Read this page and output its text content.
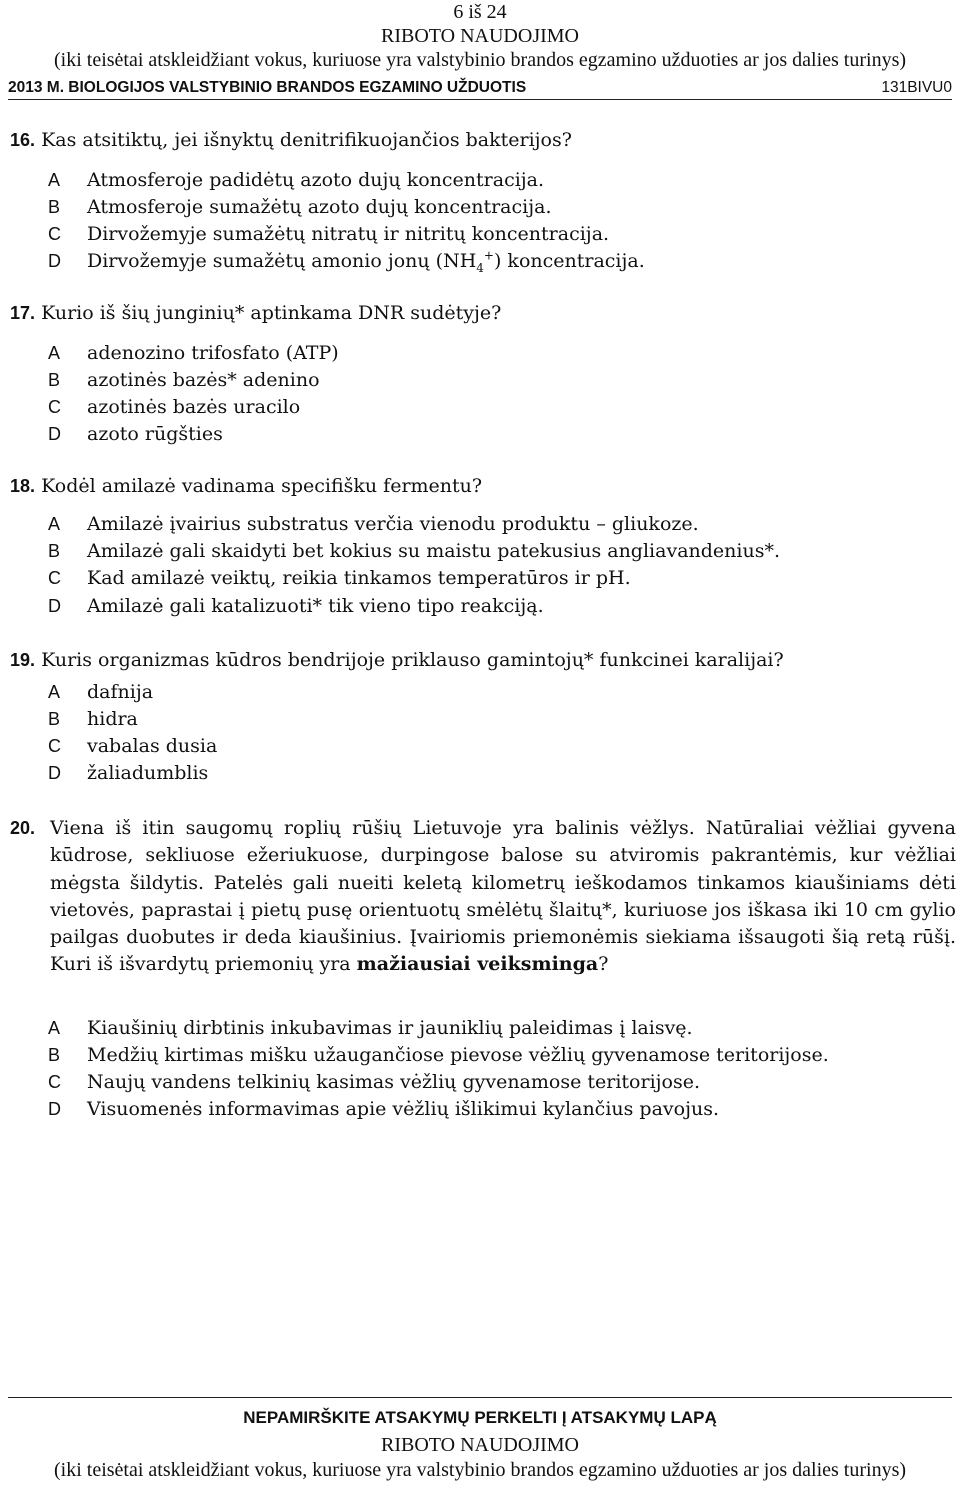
6 iš 24
RIBOTO NAUDOJIMO
(iki teisėtai atskleidžiant vokus, kuriuose yra valstybinio brandos egzamino užduoties ar jos dalies turinys)
2013 M. BIOLOGIJOS VALSTYBINIO BRANDOS EGZAMINO UŽDUOTIS	131BIVU0
16. Kas atsitiktų, jei išnyktų denitrifikuojančios bakterijos?
A Atmosferoje padidėtų azoto dujų koncentracija.
B Atmosferoje sumažėtų azoto dujų koncentracija.
C Dirvožemyje sumažėtų nitratų ir nitritų koncentracija.
D Dirvožemyje sumažėtų amonio jonų $(NH_4^+)$ koncentracija.
17. Kurio iš šių junginių* aptinkama DNR sudėtyje?
A adenozino trifosfato (ATP)
B azotinės bazės* adenino
C azotinės bazės uracilo
D azoto rūgšties
18. Kodėl amilazė vadinama specifišku fermentu?
A Amilazė įvairius substratus verčia vienodu produktu – gliukoze.
B Amilazė gali skaidyti bet kokius su maistu patekusius angliavandenius*.
C Kad amilazė veiktų, reikia tinkamos temperatūros ir pH.
D Amilazė gali katalizuoti* tik vieno tipo reakciją.
19. Kuris organizmas kūdros bendrijoje priklauso gamintojų* funkcinei karalijai?
A dafnija
B hidra
C vabalas dusia
D žaliadumblis
20. Viena iš itin saugomų roplių rūšių Lietuvoje yra balinis vėžlys. Natūraliai vėžliai gyvena kūdrose, sekliuose ežeriukuose, durpingose balose su atviromis pakrantėmis, kur vėžliai mėgsta šildytis. Patelės gali nueiti keletą kilometrų ieškodamos tinkamos kiaušiniams dėti vietovės, paprastai į pietų pusę orientuotų smėlėtų šlaitų*, kuriuose jos iškasa iki 10 cm gylio pailgas duobutes ir deda kiaušinius. Įvairiomis priemonėmis siekiama išsaugoti šią retą rūšį. Kuri iš išvardytų priemonių yra mažiausiai veiksminga?
A Kiaušinių dirbtinis inkubavimas ir jauniklių paleidimas į laisvę.
B Medžių kirtimas mišku užaugančiose pievose vėžlių gyvenamose teritorijose.
C Naujų vandens telkinių kasimas vėžlių gyvenamose teritorijose.
D Visuomenės informavimas apie vėžlių išlikimui kylančius pavojus.
NEPAMIRŠKITE ATSAKYMŲ PERKELTI Į ATSAKYMŲ LAPĄ
RIBOTO NAUDOJIMO
(iki teisėtai atskleidžiant vokus, kuriuose yra valstybinio brandos egzamino užduoties ar jos dalies turinys)
